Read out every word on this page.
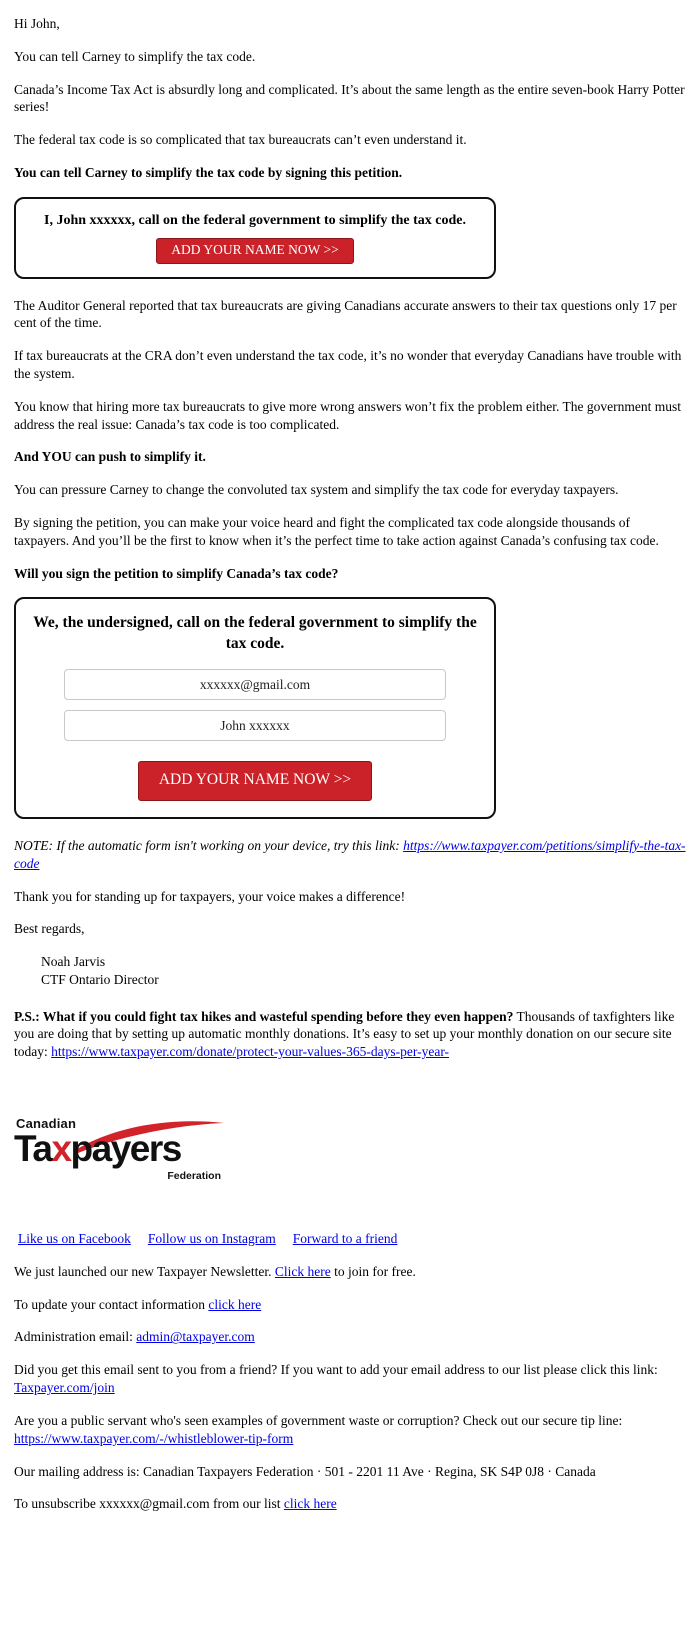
Hi John,

You can tell Carney to simplify the tax code.

Canada’s Income Tax Act is absurdly long and complicated. It’s about the same length as the entire seven-book Harry Potter series!

The federal tax code is so complicated that tax bureaucrats can’t even understand it.

You can tell Carney to simplify the tax code by signing this petition.

I, John xxxxxx, call on the federal government to simplify the tax code.

ADD YOUR NAME NOW >>

The Auditor General reported that tax bureaucrats are giving Canadians accurate answers to their tax questions only 17 per cent of the time.

If tax bureaucrats at the CRA don’t even understand the tax code, it’s no wonder that everyday Canadians have trouble with the system.

You know that hiring more tax bureaucrats to give more wrong answers won’t fix the problem either. The government must address the real issue: Canada’s tax code is too complicated.

And YOU can push to simplify it.

You can pressure Carney to change the convoluted tax system and simplify the tax code for everyday taxpayers.

By signing the petition, you can make your voice heard and fight the complicated tax code alongside thousands of taxpayers. And you’ll be the first to know when it’s the perfect time to take action against Canada’s confusing tax code.

Will you sign the petition to simplify Canada’s tax code?

We, the undersigned, call on the federal government to simplify the tax code.

xxxxxx@gmail.com
John xxxxxx
ADD YOUR NAME NOW >>

NOTE: If the automatic form isn't working on your device, try this link: https://www.taxpayer.com/petitions/simplify-the-tax-code

Thank you for standing up for taxpayers, your voice makes a difference!

Best regards,

Noah Jarvis
CTF Ontario Director

P.S.: What if you could fight tax hikes and wasteful spending before they even happen? Thousands of taxfighters like you are doing that by setting up automatic monthly donations. It’s easy to set up your monthly donation on our secure site today: https://www.taxpayer.com/donate/protect-your-values-365-days-per-year-

Canadian
Taxpayers
Federation

Like us on Facebook Follow us on Instagram Forward to a friend

We just launched our new Taxpayer Newsletter. Click here to join for free.

To update your contact information click here

Administration email: admin@taxpayer.com

Did you get this email sent to you from a friend? If you want to add your email address to our list please click this link: Taxpayer.com/join

Are you a public servant who's seen examples of government waste or corruption? Check out our secure tip line: https://www.taxpayer.com/-/whistleblower-tip-form

Our mailing address is: Canadian Taxpayers Federation · 501 - 2201 11 Ave · Regina, SK S4P 0J8 · Canada

To unsubscribe xxxxxx@gmail.com from our list click here
